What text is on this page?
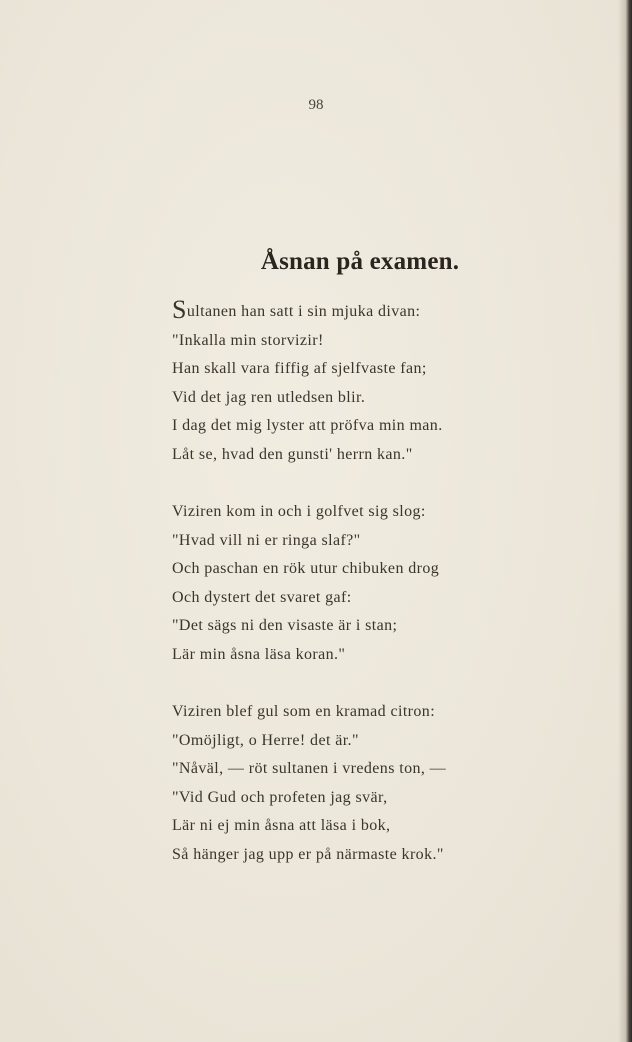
98
Åsnan på examen.
Sultanen han satt i sin mjuka divan:
"Inkalla min storvizir!
Han skall vara fiffig af sjelfvaste fan;
Vid det jag ren utledsen blir.
I dag det mig lyster att pröfva min man.
Låt se, hvad den gunsti' herrn kan."
Viziren kom in och i golfvet sig slog:
"Hvad vill ni er ringa slaf?"
Och paschan en rök utur chibuken drog
Och dystert det svaret gaf:
"Det sägs ni den visaste är i stan;
Lär min åsna läsa koran."
Viziren blef gul som en kramad citron:
"Omöjligt, o Herre! det är."
"Nåväl, — röt sultanen i vredens ton, —
"Vid Gud och profeten jag svär,
Lär ni ej min åsna att läsa i bok,
Så hänger jag upp er på närmaste krok."
